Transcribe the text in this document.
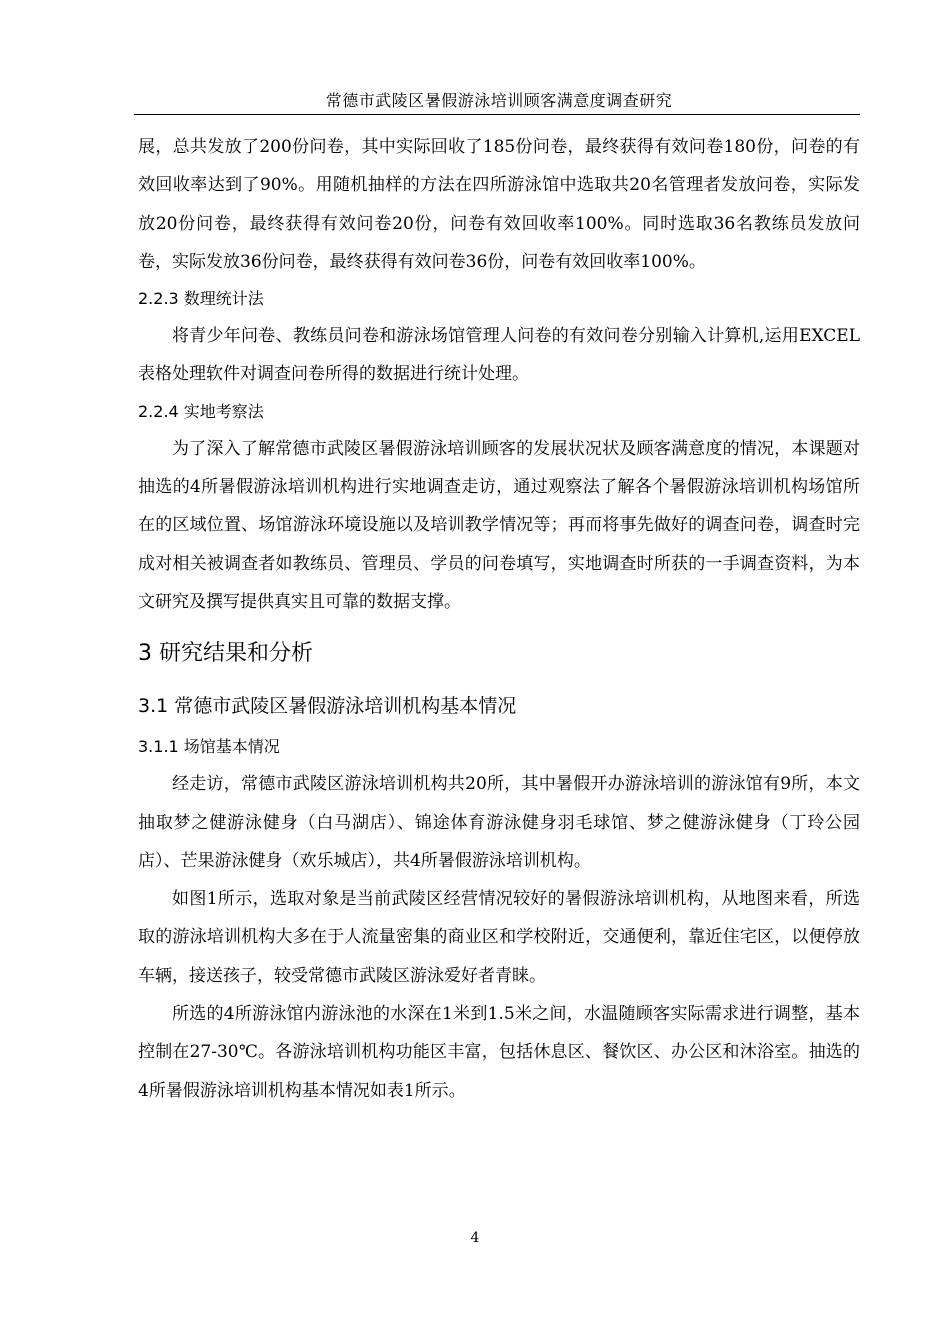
常德市武陵区暑假游泳培训顾客满意度调查研究

展，总共发放了200份问卷，其中实际回收了185份问卷，最终获得有效问卷180份，问卷的有效回收率达到了90%。用随机抽样的方法在四所游泳馆中选取共20名管理者发放问卷，实际发放20份问卷，最终获得有效问卷20份，问卷有效回收率100%。同时选取36名教练员发放问卷，实际发放36份问卷，最终获得有效问卷36份，问卷有效回收率100%。

2.2.3 数理统计法

将青少年问卷、教练员问卷和游泳场馆管理人问卷的有效问卷分别输入计算机,运用EXCEL表格处理软件对调查问卷所得的数据进行统计处理。

2.2.4 实地考察法

为了深入了解常德市武陵区暑假游泳培训顾客的发展状况状及顾客满意度的情况，本课题对抽选的4所暑假游泳培训机构进行实地调查走访，通过观察法了解各个暑假游泳培训机构场馆所在的区域位置、场馆游泳环境设施以及培训教学情况等；再而将事先做好的调查问卷，调查时完成对相关被调查者如教练员、管理员、学员的问卷填写，实地调查时所获的一手调查资料，为本文研究及撰写提供真实且可靠的数据支撑。

3 研究结果和分析
3.1 常德市武陵区暑假游泳培训机构基本情况
3.1.1 场馆基本情况

经走访，常德市武陵区游泳培训机构共20所，其中暑假开办游泳培训的游泳馆有9所，本文抽取梦之健游泳健身（白马湖店）、锦途体育游泳健身羽毛球馆、梦之健游泳健身（丁玲公园店）、芒果游泳健身（欢乐城店），共4所暑假游泳培训机构。

如图1所示，选取对象是当前武陵区经营情况较好的暑假游泳培训机构，从地图来看，所选取的游泳培训机构大多在于人流量密集的商业区和学校附近，交通便利，靠近住宅区，以便停放车辆，接送孩子，较受常德市武陵区游泳爱好者青睐。

所选的4所游泳馆内游泳池的水深在1米到1.5米之间，水温随顾客实际需求进行调整，基本控制在27-30℃。各游泳培训机构功能区丰富，包括休息区、餐饮区、办公区和沐浴室。抽选的4所暑假游泳培训机构基本情况如表1所示。

4
